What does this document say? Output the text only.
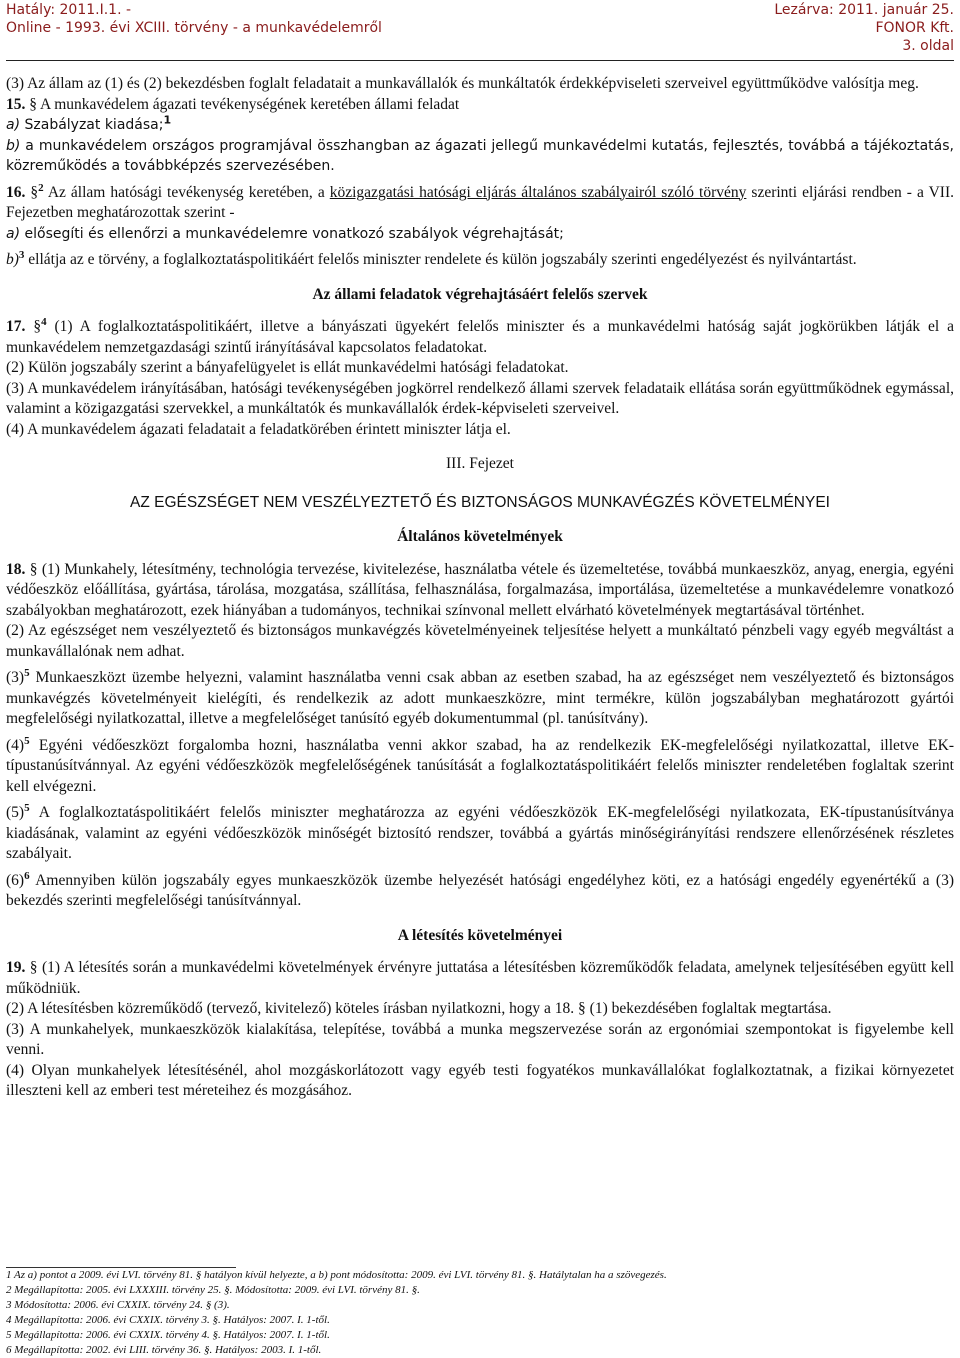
Hatály: 2011.I.1. -
Online - 1993. évi XCIII. törvény - a munkavédelemről
Lezárva: 2011. január 25.
FONOR Kft.
3. oldal

(3) Az állam az (1) és (2) bekezdésben foglalt feladatait a munkavállalók és munkáltatók érdekképviseleti szerveivel együttműködve valósítja meg.

15. § A munkavédelem ágazati tevékenységének keretében állami feladat

a) Szabályzat kiadása;$^1$

b) a munkavédelem országos programjával összhangban az ágazati jellegű munkavédelmi kutatás, fejlesztés, továbbá a tájékoztatás, közreműködés a továbbképzés szervezésében.

16. §$^2$ Az állam hatósági tevékenység keretében, a közigazgatási hatósági eljárás általános szabályairól szóló törvény szerinti eljárási rendben - a VII. Fejezetben meghatározottak szerint -

a) elősegíti és ellenőrzi a munkavédelemre vonatkozó szabályok végrehajtását;

b)$^3$ ellátja az e törvény, a foglalkoztatáspolitikáért felelős miniszter rendelete és külön jogszabály szerinti engedélyezést és nyilvántartást.

Az állami feladatok végrehajtásáért felelős szervek

17. §$^4$ (1) A foglalkoztatáspolitikáért, illetve a bányászati ügyekért felelős miniszter és a munkavédelmi hatóság saját jogkörükben látják el a munkavédelem nemzetgazdasági szintű irányításával kapcsolatos feladatokat.

(2) Külön jogszabály szerint a bányafelügyelet is ellát munkavédelmi hatósági feladatokat.

(3) A munkavédelem irányításában, hatósági tevékenységében jogkörrel rendelkező állami szervek feladataik ellátása során együttműködnek egymással, valamint a közigazgatási szervekkel, a munkáltatók és munkavállalók érdek-képviseleti szerveivel.

(4) A munkavédelem ágazati feladatait a feladatkörében érintett miniszter látja el.

III. Fejezet

AZ EGÉSZSÉGET NEM VESZÉLYEZTETŐ ÉS BIZTONSÁGOS MUNKAVÉGZÉS KÖVETELMÉNYEI

Általános követelmények

18. § (1) Munkahely, létesítmény, technológia tervezése, kivitelezése, használatba vétele és üzemeltetése, továbbá munkaeszköz, anyag, energia, egyéni védőeszköz előállítása, gyártása, tárolása, mozgatása, szállítása, felhasználása, forgalmazása, importálása, üzemeltetése a munkavédelemre vonatkozó szabályokban meghatározott, ezek hiányában a tudományos, technikai színvonal mellett elvárható követelmények megtartásával történhet.

(2) Az egészséget nem veszélyeztető és biztonságos munkavégzés követelményeinek teljesítése helyett a munkáltató pénzbeli vagy egyéb megváltást a munkavállalónak nem adhat.

$(3)^5$ Munkaeszközt üzembe helyezni, valamint használatba venni csak abban az esetben szabad, ha az egészséget nem veszélyeztető és biztonságos munkavégzés követelményeit kielégíti, és rendelkezik az adott munkaeszközre, mint termékre, külön jogszabályban meghatározott gyártói megfelelőségi nyilatkozattal, illetve a megfelelőséget tanúsító egyéb dokumentummal (pl. tanúsítvány).

$(4)^5$ Egyéni védőeszközt forgalomba hozni, használatba venni akkor szabad, ha az rendelkezik EK-megfelelőségi nyilatkozattal, illetve EK-típustanúsítvánnyal. Az egyéni védőeszközök megfelelőségének tanúsítását a foglalkoztatáspolitikáért felelős miniszter rendeletében foglaltak szerint kell elvégezni.

$(5)^5$ A foglalkoztatáspolitikáért felelős miniszter meghatározza az egyéni védőeszközök EK-megfelelőségi nyilatkozata, EK-típustanúsítványa kiadásának, valamint az egyéni védőeszközök minőségét biztosító rendszer, továbbá a gyártás minőségirányítási rendszere ellenőrzésének részletes szabályait.

$(6)^6$ Amennyiben külön jogszabály egyes munkaeszközök üzembe helyezését hatósági engedélyhez köti, ez a hatósági engedély egyenértékű a (3) bekezdés szerinti megfelelőségi tanúsítvánnyal.

A létesítés követelményei

19. § (1) A létesítés során a munkavédelmi követelmények érvényre juttatása a létesítésben közreműködők feladata, amelynek teljesítésében együtt kell működniük.

(2) A létesítésben közreműködő (tervező, kivitelező) köteles írásban nyilatkozni, hogy a 18. § (1) bekezdésében foglaltak megtartása.

(3) A munkahelyek, munkaeszközök kialakítása, telepítése, továbbá a munka megszervezése során az ergonómiai szempontokat is figyelembe kell venni.

(4) Olyan munkahelyek létesítésénél, ahol mozgáskorlátozott vagy egyéb testi fogyatékos munkavállalókat foglalkoztatnak, a fizikai környezetet illeszteni kell az emberi test méreteihez és mozgásához.

1 Az a) pontot a 2009. évi LVI. törvény 81. § hatályon kívül helyezte, a b) pont módosította: 2009. évi LVI. törvény 81. §. Hatálytalan ha a szövegezés.

2 Megállapította: 2005. évi LXXXIII. törvény 25. §. Módosította: 2009. évi LVI. törvény 81. §.

3 Módosította: 2006. évi CXXIX. törvény 24. § (3).

4 Megállapította: 2006. évi CXXIX. törvény 3. §. Hatályos: 2007. I. 1-től.

5 Megállapította: 2006. évi CXXIX. törvény 4. §. Hatályos: 2007. I. 1-től.

6 Megállapította: 2002. évi LIII. törvény 36. §. Hatályos: 2003. I. 1-től.
